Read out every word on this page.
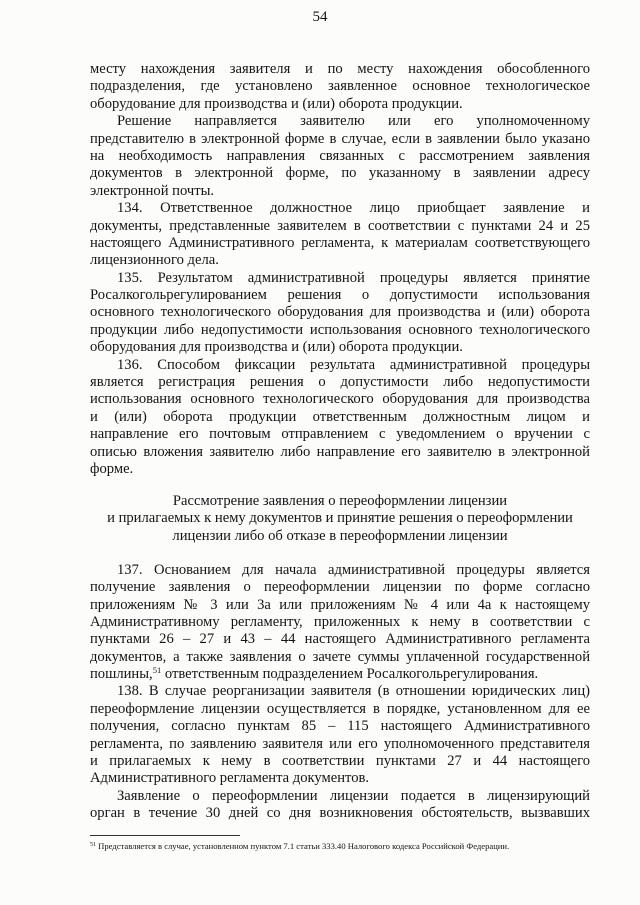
54
месту нахождения заявителя и по месту нахождения обособленного
подразделения, где установлено заявленное основное технологическое
оборудование для производства и (или) оборота продукции.
Решение направляется заявителю или его уполномоченному
представителю в электронной форме в случае, если в заявлении было указано
на необходимость направления связанных с рассмотрением заявления
документов в электронной форме, по указанному в заявлении адресу
электронной почты.
134. Ответственное должностное лицо приобщает заявление и
документы, представленные заявителем в соответствии с пунктами 24 и 25
настоящего Административного регламента, к материалам соответствующего
лицензионного дела.
135. Результатом административной процедуры является принятие
Росалкогольрегулированием решения о допустимости использования
основного технологического оборудования для производства и (или) оборота
продукции либо недопустимости использования основного технологического
оборудования для производства и (или) оборота продукции.
136. Способом фиксации результата административной процедуры
является регистрация решения о допустимости либо недопустимости
использования основного технологического оборудования для производства
и (или) оборота продукции ответственным должностным лицом и
направление его почтовым отправлением с уведомлением о вручении с
описью вложения заявителю либо направление его заявителю в электронной
форме.
Рассмотрение заявления о переоформлении лицензии
и прилагаемых к нему документов и принятие решения о переоформлении
лицензии либо об отказе в переоформлении лицензии
137. Основанием для начала административной процедуры является
получение заявления о переоформлении лицензии по форме согласно
приложениям № 3 или 3а или приложениям № 4 или 4а к настоящему
Административному регламенту, приложенных к нему в соответствии с
пунктами 26 – 27 и 43 – 44 настоящего Административного регламента
документов, а также заявления о зачете суммы уплаченной государственной
пошлины,$^{51}$ ответственным подразделением Росалкогольрегулирования.
138. В случае реорганизации заявителя (в отношении юридических лиц)
переоформление лицензии осуществляется в порядке, установленном для ее
получения, согласно пунктам 85 – 115 настоящего Административного
регламента, по заявлению заявителя или его уполномоченного представителя
и прилагаемых к нему в соответствии пунктами 27 и 44 настоящего
Административного регламента документов.
Заявление о переоформлении лицензии подается в лицензирующий
орган в течение 30 дней со дня возникновения обстоятельств, вызвавших
$^{51}$ Представляется в случае, установленном пунктом 7.1 статьи 333.40 Налогового кодекса Российской Федерации.
